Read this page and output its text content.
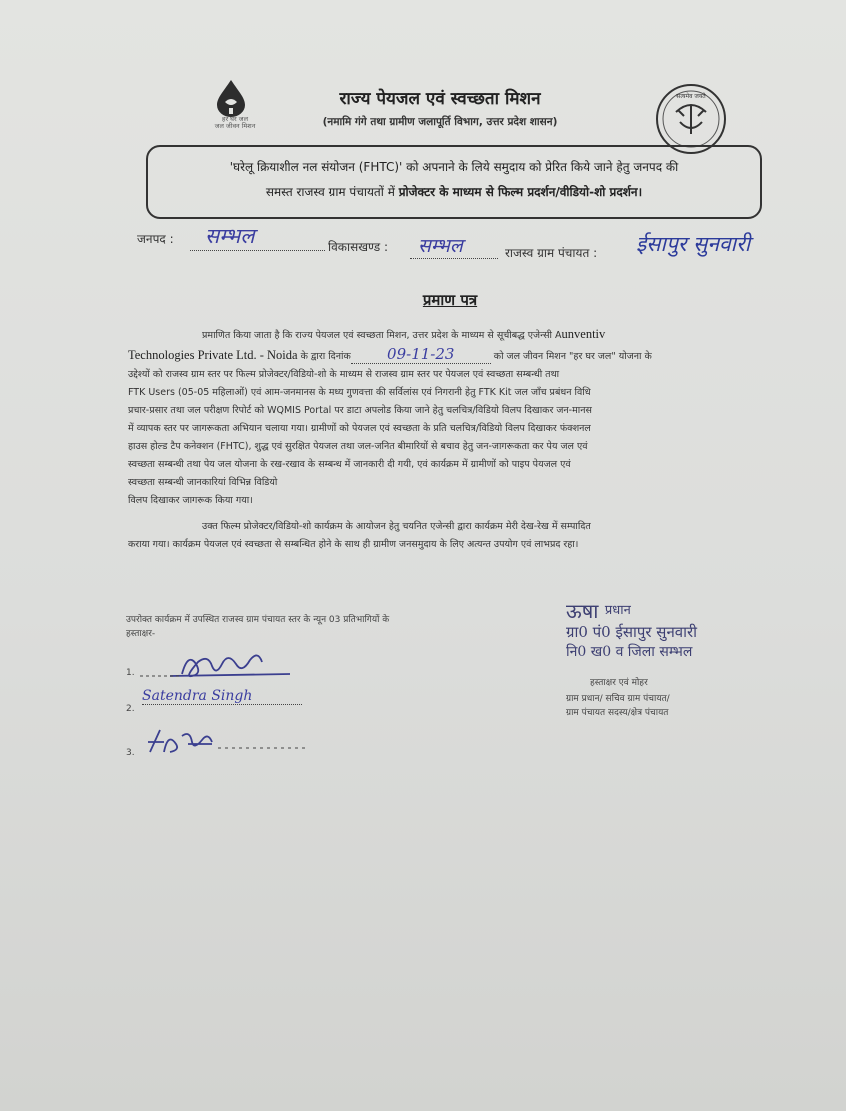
हर घर जल
जल जीवन मिशन
राज्य पेयजल एवं स्वच्छता मिशन
(नमामि गंगे तथा ग्रामीण जलापूर्ति विभाग, उत्तर प्रदेश शासन)
सत्यमेव जयते
'घरेलू क्रियाशील नल संयोजन (FHTC)' को अपनाने के लिये समुदाय को प्रेरित किये जाने हेतु जनपद की
समस्त राजस्व ग्राम पंचायतों में प्रोजेक्टर के माध्यम से फिल्म प्रदर्शन/वीडियो-शो प्रदर्शन।
जनपद : सम्भल	विकासखण्ड : सम्भल	राजस्व ग्राम पंचायत : ईसापुर सुनवारी
प्रमाण पत्र
प्रमाणित किया जाता है कि राज्य पेयजल एवं स्वच्छता मिशन, उत्तर प्रदेश के माध्यम से सूचीबद्ध एजेन्सी Aunventiv
Technologies Private Ltd. - Noida के द्वारा दिनांक 09-11-23	को जल जीवन मिशन "हर घर जल" योजना के
उद्देश्यों को राजस्व ग्राम स्तर पर फिल्म प्रोजेक्टर/विडियो-शो के माध्यम से राजस्व ग्राम स्तर पर पेयजल एवं स्वच्छता सम्बन्धी तथा
FTK Users (05-05 महिलाओं) एवं आम-जनमानस के मध्य गुणवत्ता की सर्विलांस एवं निगरानी हेतु FTK Kit जल जाँच प्रबंधन विधि
प्रचार-प्रसार तथा जल परीक्षण रिपोर्ट को WQMIS Portal पर डाटा अपलोड किया जाने हेतु चलचित्र/विडियो विलप दिखाकर जन-मानस
में व्यापक स्तर पर जागरूकता अभियान चलाया गया। ग्रामीणों को पेयजल एवं स्वच्छता के प्रति चलचित्र/विडियो विलप दिखाकर फंक्शनल
हाउस होल्ड टैप कनेक्शन (FHTC), शुद्ध एवं सुरक्षित पेयजल तथा जल-जनित बीमारियों से बचाव हेतु जन-जागरूकता कर पेय जल एवं
स्वच्छता सम्बन्धी तथा पेय जल योजना के रख-रखाव के सम्बन्ध में जानकारी दी गयी, एवं कार्यक्रम में ग्रामीणों को पाइप पेयजल एवं
स्वच्छता सम्बन्धी जानकारियां विभिन्न विडियो
विलप दिखाकर जागरूक किया गया।
उक्त फिल्म प्रोजेक्टर/विडियो-शो कार्यक्रम के आयोजन हेतु चयनित एजेन्सी द्वारा कार्यक्रम मेरी देख-रेख में सम्पादित
कराया गया। कार्यक्रम पेयजल एवं स्वच्छता से सम्बन्धित होने के साथ ही ग्रामीण जनसमुदाय के लिए अत्यन्त उपयोग एवं लाभप्रद रहा।
उपरोक्त कार्यक्रम में उपस्थित राजस्व ग्राम पंचायत स्तर के न्यून 03 प्रतिभागियों के
हस्ताक्षर-
1.
2.
Satendra Singh
3.
ऊषा $^{प्रधान}$
ग्रा0 पं0 ईसापुर सुनवारी
नि0 ख0 व जिला सम्भल
हस्ताक्षर एवं मोहर
ग्राम प्रधान/ सचिव ग्राम पंचायत/
ग्राम पंचायत सदस्य/क्षेत्र पंचायत
